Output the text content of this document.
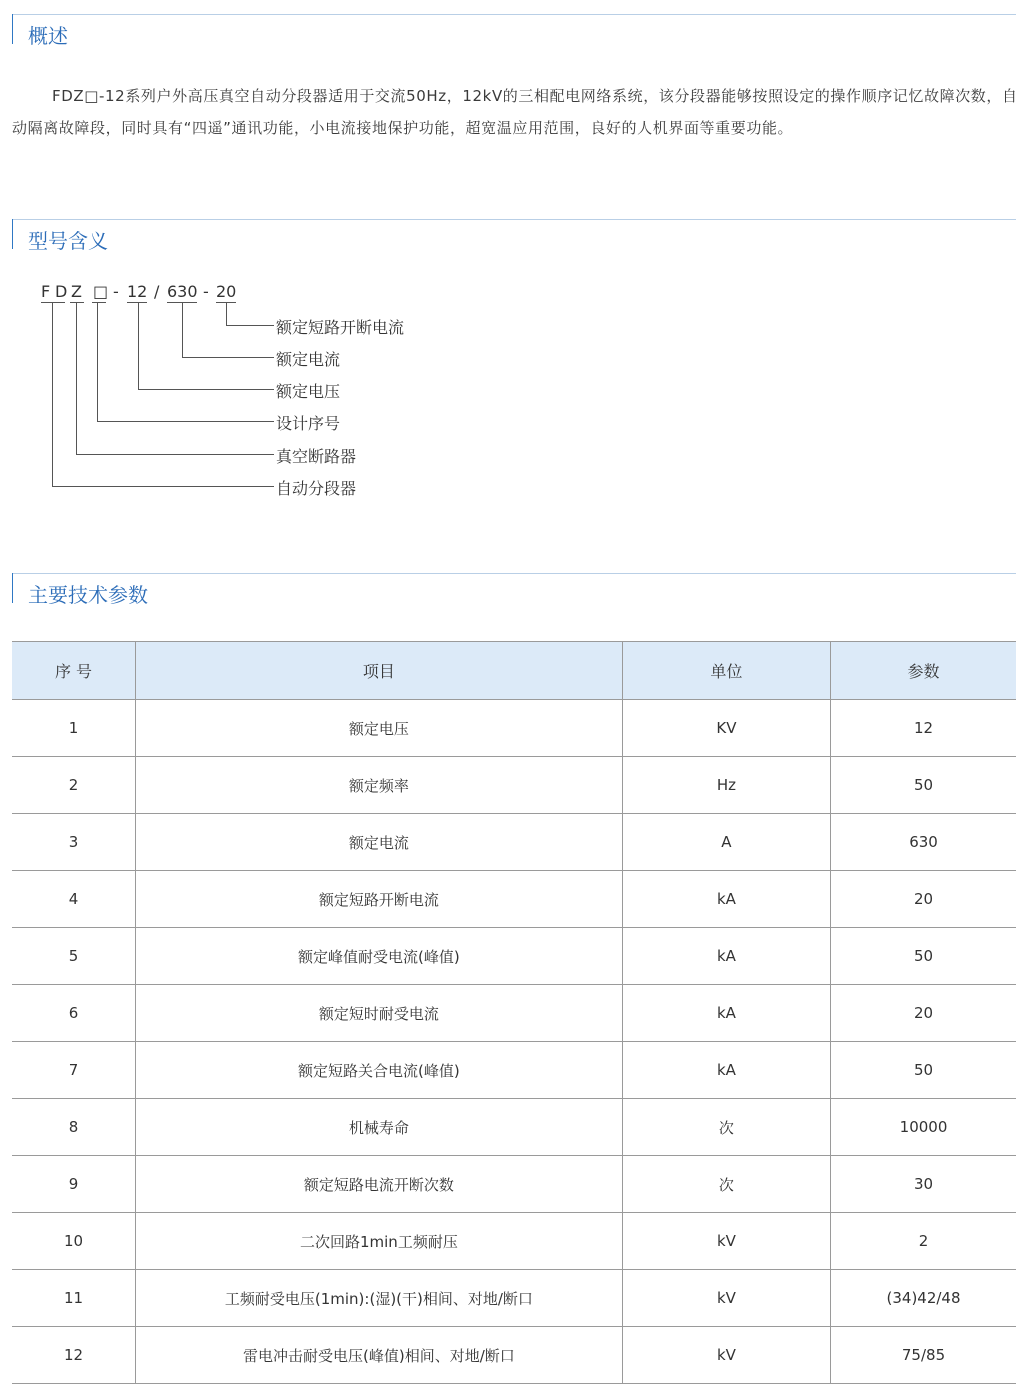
概述
FDZ□-12系列户外高压真空自动分段器适用于交流50Hz，12kV的三相配电网络系统，该分段器能够按照设定的操作顺序记忆故障次数，自动隔离故障段，同时具有“四遥”通讯功能，小电流接地保护功能，超宽温应用范围，良好的人机界面等重要功能。
型号含义
F D Z □ - 12 / 630 - 20
额定短路开断电流
额定电流
额定电压
设计序号
真空断路器
自动分段器
主要技术参数
序 号	项目	单位	参数
1	额定电压	KV	12
2	额定频率	Hz	50
3	额定电流	A	630
4	额定短路开断电流	kA	20
5	额定峰值耐受电流(峰值)	kA	50
6	额定短时耐受电流	kA	20
7	额定短路关合电流(峰值)	kA	50
8	机械寿命	次	10000
9	额定短路电流开断次数	次	30
10	二次回路1min工频耐压	kV	2
11	工频耐受电压(1min):(湿)(干)相间、对地/断口	kV	(34)42/48
12	雷电冲击耐受电压(峰值)相间、对地/断口	kV	75/85
